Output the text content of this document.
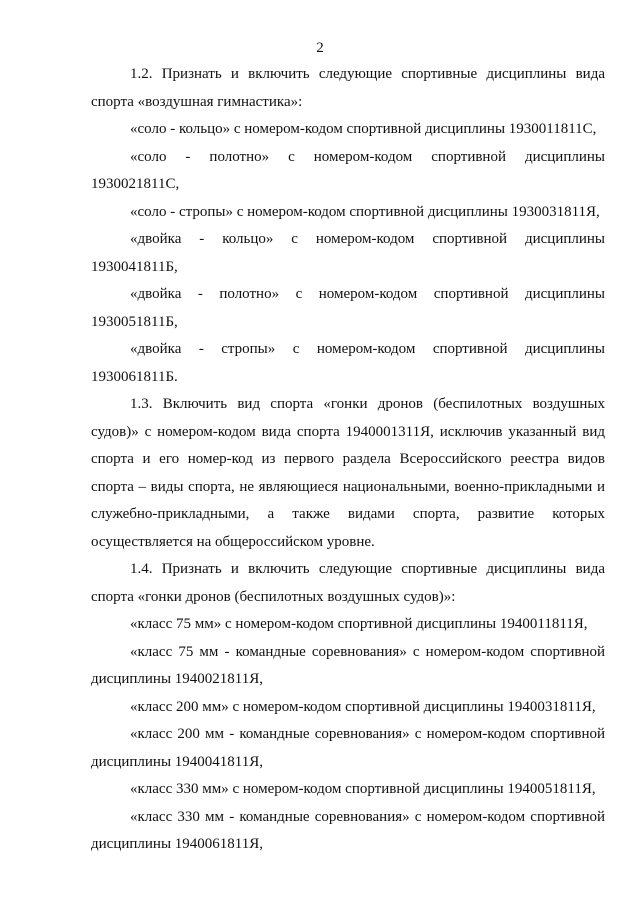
2

1.2. Признать и включить следующие спортивные дисциплины вида спорта «воздушная гимнастика»:

«соло - кольцо» с номером-кодом спортивной дисциплины 1930011811С,

«соло - полотно» с номером-кодом спортивной дисциплины 1930021811С,

«соло - стропы» с номером-кодом спортивной дисциплины 1930031811Я,

«двойка - кольцо» с номером-кодом спортивной дисциплины 1930041811Б,

«двойка - полотно» с номером-кодом спортивной дисциплины 1930051811Б,

«двойка - стропы» с номером-кодом спортивной дисциплины 1930061811Б.

1.3. Включить вид спорта «гонки дронов (беспилотных воздушных судов)» с номером-кодом вида спорта 1940001311Я, исключив указанный вид спорта и его номер-код из первого раздела Всероссийского реестра видов спорта – виды спорта, не являющиеся национальными, военно-прикладными и служебно-прикладными, а также видами спорта, развитие которых осуществляется на общероссийском уровне.

1.4. Признать и включить следующие спортивные дисциплины вида спорта «гонки дронов (беспилотных воздушных судов)»:

«класс 75 мм» с номером-кодом спортивной дисциплины 1940011811Я,

«класс 75 мм - командные соревнования» с номером-кодом спортивной дисциплины 1940021811Я,

«класс 200 мм» с номером-кодом спортивной дисциплины 1940031811Я,

«класс 200 мм - командные соревнования» с номером-кодом спортивной дисциплины 1940041811Я,

«класс 330 мм» с номером-кодом спортивной дисциплины 1940051811Я,

«класс 330 мм - командные соревнования» с номером-кодом спортивной дисциплины 1940061811Я,
